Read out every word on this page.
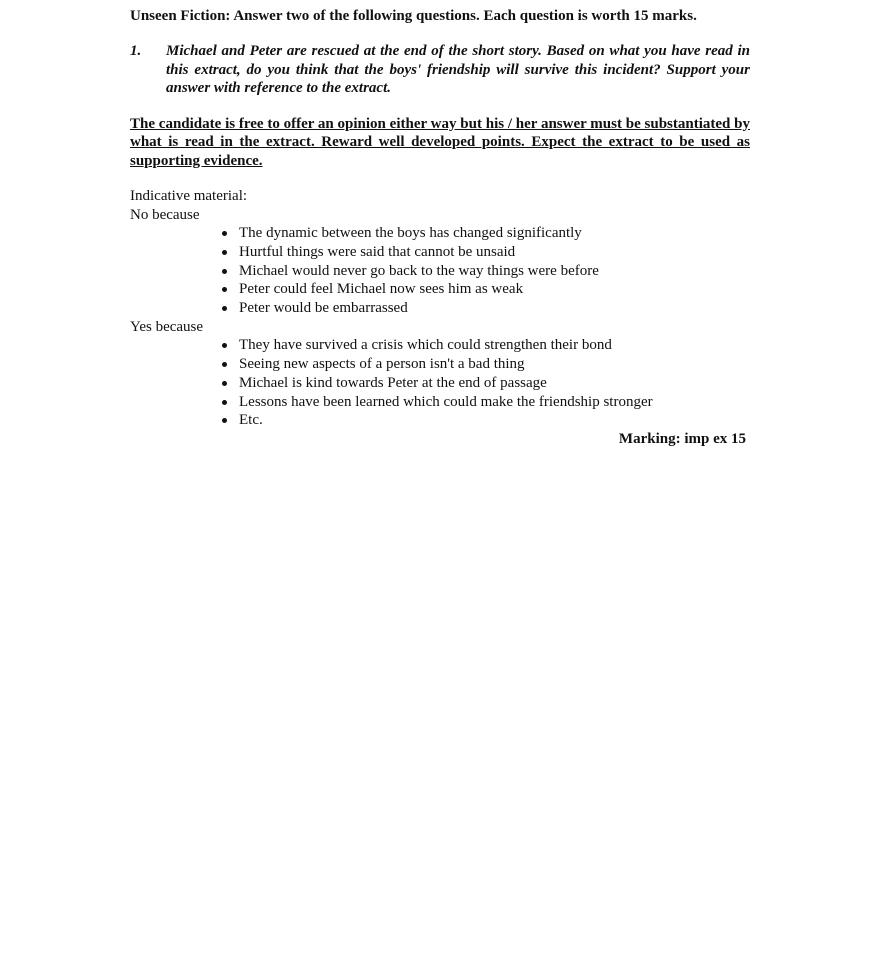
Unseen Fiction: Answer two of the following questions. Each question is worth 15 marks.

1.	Michael and Peter are rescued at the end of the short story. Based on what you have read in this extract, do you think that the boys' friendship will survive this incident? Support your answer with reference to the extract.
The candidate is free to offer an opinion either way but his / her answer must be substantiated by what is read in the extract. Reward well developed points. Expect the extract to be used as supporting evidence.

Indicative material:

No because

The dynamic between the boys has changed significantly
Hurtful things were said that cannot be unsaid
Michael would never go back to the way things were before
Peter could feel Michael now sees him as weak
Peter would be embarrassed

Yes because

They have survived a crisis which could strengthen their bond
Seeing new aspects of a person isn't a bad thing
Michael is kind towards Peter at the end of passage
Lessons have been learned which could make the friendship stronger
Etc.

Marking: imp ex 15
